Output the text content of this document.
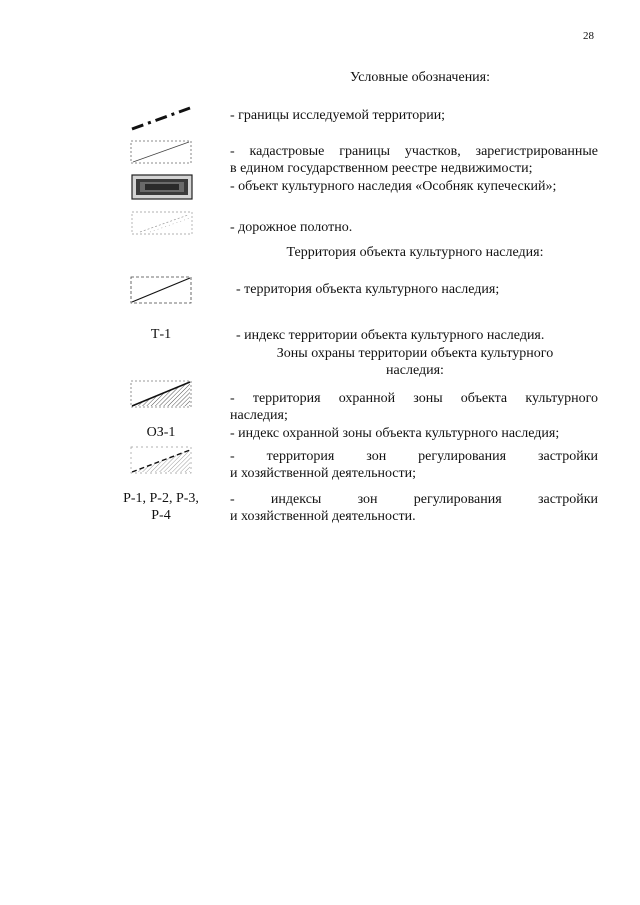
28
Условные обозначения:
- границы исследуемой территории;
- кадастровые границы участков, зарегистрированные
в едином государственном реестре недвижимости;
- объект культурного наследия «Особняк купеческий»;
- дорожное полотно.
Территория объекта культурного наследия:
- территория объекта культурного наследия;
Т-1	- индекс территории объекта культурного наследия.
Зоны охраны территории объекта культурного
наследия:
- территория охранной зоны объекта культурного
наследия;
ОЗ-1	- индекс охранной зоны объекта культурного наследия;
- территория зон регулирования застройки
и хозяйственной деятельности;
Р-1, Р-2, Р-3,
Р-4
- индексы зон регулирования застройки
и хозяйственной деятельности.
